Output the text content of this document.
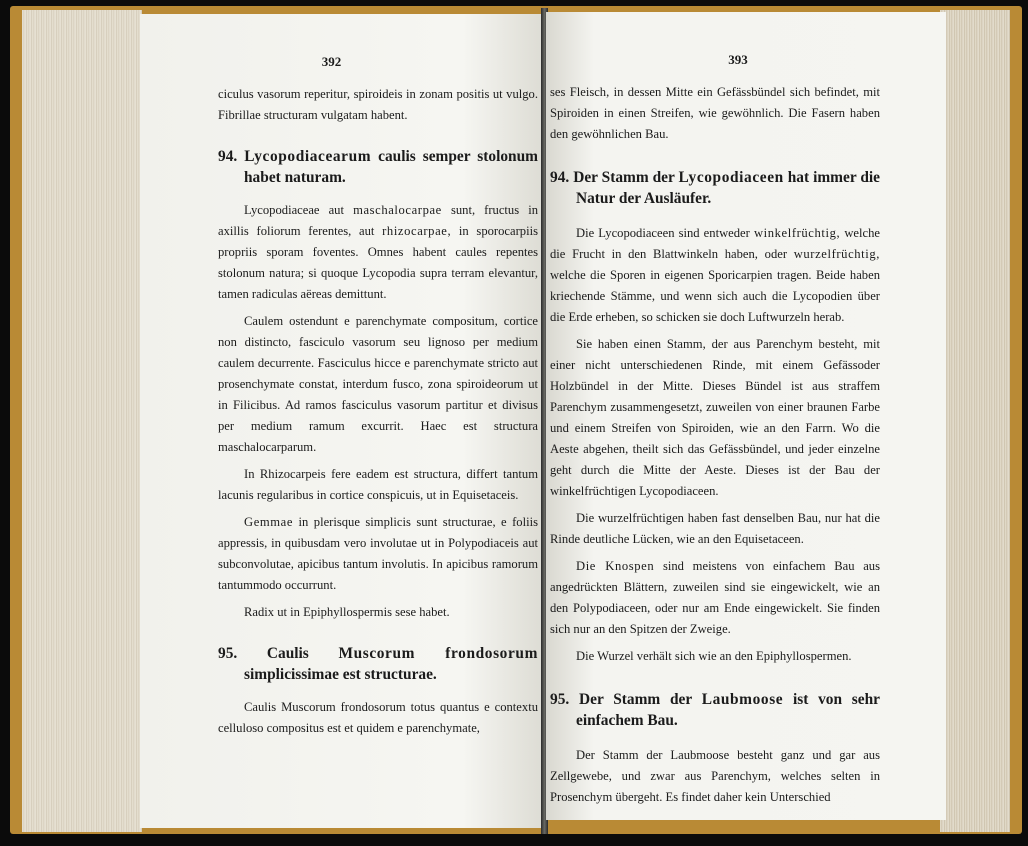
392

ciculus vasorum reperitur, spiroideis in zonam positis ut vulgo. Fibrillae structuram vulgatam habent.

94. Lycopodiacearum caulis semper stolonum habet naturam.

Lycopodiaceae aut maschalocarpae sunt, fructus in axillis foliorum ferentes, aut rhizocarpae, in sporocarpiis propriis sporam foventes. Omnes habent caules repentes stolonum natura; si quoque Lycopodia supra terram elevantur, tamen radiculas aëreas demittunt.

Caulem ostendunt e parenchymate compositum, cortice non distincto, fasciculo vasorum seu lignoso per medium caulem decurrente. Fasciculus hicce e parenchymate stricto aut prosenchymate constat, interdum fusco, zona spiroideorum ut in Filicibus. Ad ramos fasciculus vasorum partitur et divisus per medium ramum excurrit. Haec est structura maschalocarparum.

In Rhizocarpeis fere eadem est structura, differt tantum lacunis regularibus in cortice conspicuis, ut in Equisetaceis.

Gemmae in plerisque simplicis sunt structurae, e foliis appressis, in quibusdam vero involutae ut in Polypodiaceis aut subconvolutae, apicibus tantum involutis. In apicibus ramorum tantummodo occurrunt.

Radix ut in Epiphyllospermis sese habet.

95. Caulis Muscorum frondosorum simplicissimae est structurae.

Caulis Muscorum frondosorum totus quantus e contextu celluloso compositus est et quidem e parenchymate,

393

ses Fleisch, in dessen Mitte ein Gefässbündel sich befindet, mit Spiroiden in einen Streifen, wie gewöhnlich. Die Fasern haben den gewöhnlichen Bau.

94. Der Stamm der Lycopodiaceen hat immer die Natur der Ausläufer.

Die Lycopodiaceen sind entweder winkelfrüchtig, welche die Frucht in den Blattwinkeln haben, oder wurzelfrüchtig, welche die Sporen in eigenen Sporicarpien tragen. Beide haben kriechende Stämme, und wenn sich auch die Lycopodien über die Erde erheben, so schicken sie doch Luftwurzeln herab.

Sie haben einen Stamm, der aus Parenchym besteht, mit einer nicht unterschiedenen Rinde, mit einem Gefässoder Holzbündel in der Mitte. Dieses Bündel ist aus straffem Parenchym zusammengesetzt, zuweilen von einer braunen Farbe und einem Streifen von Spiroiden, wie an den Farrn. Wo die Aeste abgehen, theilt sich das Gefässbündel, und jeder einzelne geht durch die Mitte der Aeste. Dieses ist der Bau der winkelfrüchtigen Lycopodiaceen.

Die wurzelfrüchtigen haben fast denselben Bau, nur hat die Rinde deutliche Lücken, wie an den Equisetaceen.

Die Knospen sind meistens von einfachem Bau aus angedrückten Blättern, zuweilen sind sie eingewickelt, wie an den Polypodiaceen, oder nur am Ende eingewickelt. Sie finden sich nur an den Spitzen der Zweige.

Die Wurzel verhält sich wie an den Epiphyllospermen.

95. Der Stamm der Laubmoose ist von sehr einfachem Bau.

Der Stamm der Laubmoose besteht ganz und gar aus Zellgewebe, und zwar aus Parenchym, welches selten in Prosenchym übergeht. Es findet daher kein Unterschied
